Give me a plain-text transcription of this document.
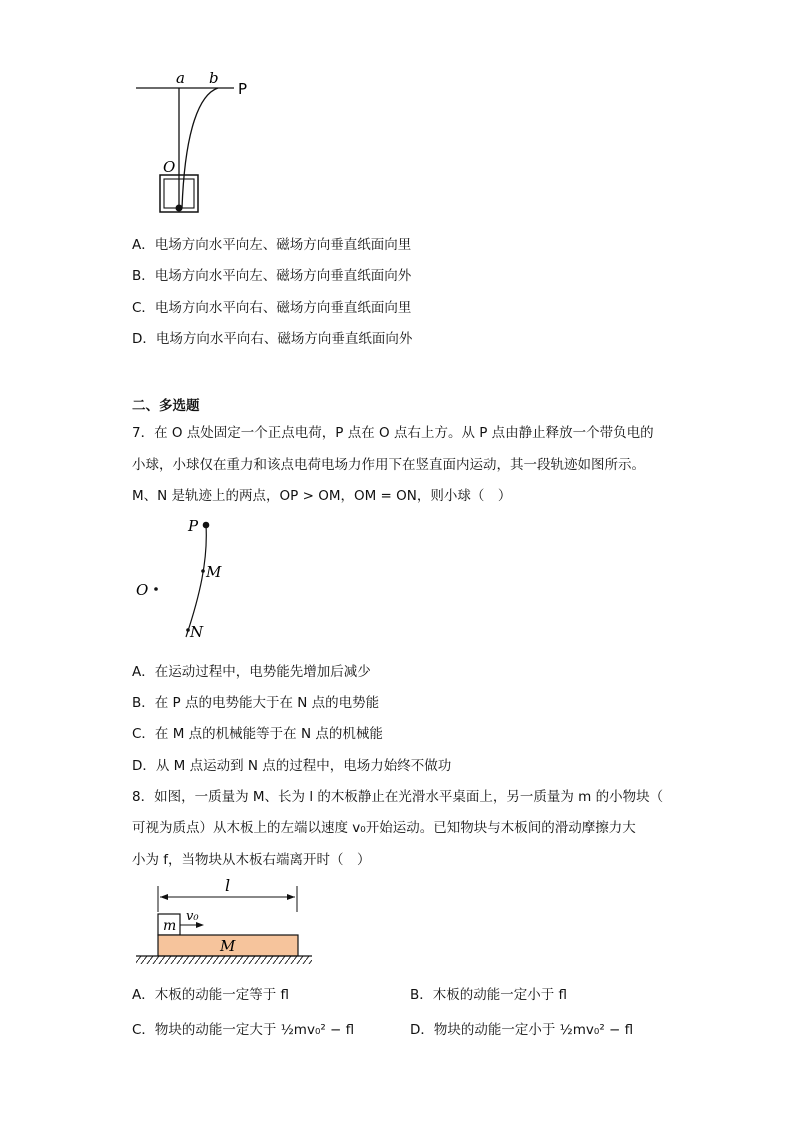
a b
P
O
A．电场方向水平向左、磁场方向垂直纸面向里
B．电场方向水平向左、磁场方向垂直纸面向外
C．电场方向水平向右、磁场方向垂直纸面向里
D．电场方向水平向右、磁场方向垂直纸面向外
二、多选题
7．在 O 点处固定一个正点电荷，P 点在 O 点右上方。从 P 点由静止释放一个带负电的
小球，小球仅在重力和该点电荷电场力作用下在竖直面内运动，其一段轨迹如图所示。
M、N 是轨迹上的两点，OP > OM，OM = ON，则小球（　）
P
M
O
N
A．在运动过程中，电势能先增加后减少
B．在 P 点的电势能大于在 N 点的电势能
C．在 M 点的机械能等于在 N 点的机械能
D．从 M 点运动到 N 点的过程中，电场力始终不做功
8．如图，一质量为 M、长为 l 的木板静止在光滑水平桌面上，另一质量为 m 的小物块（
可视为质点）从木板上的左端以速度 v₀开始运动。已知物块与木板间的滑动摩擦力大
小为 f，当物块从木板右端离开时（　）
l
m
v₀
M
A．木板的动能一定等于 fl	B．木板的动能一定小于 fl
C．物块的动能一定大于 ½mv₀² − fl	D．物块的动能一定小于 ½mv₀² − fl
